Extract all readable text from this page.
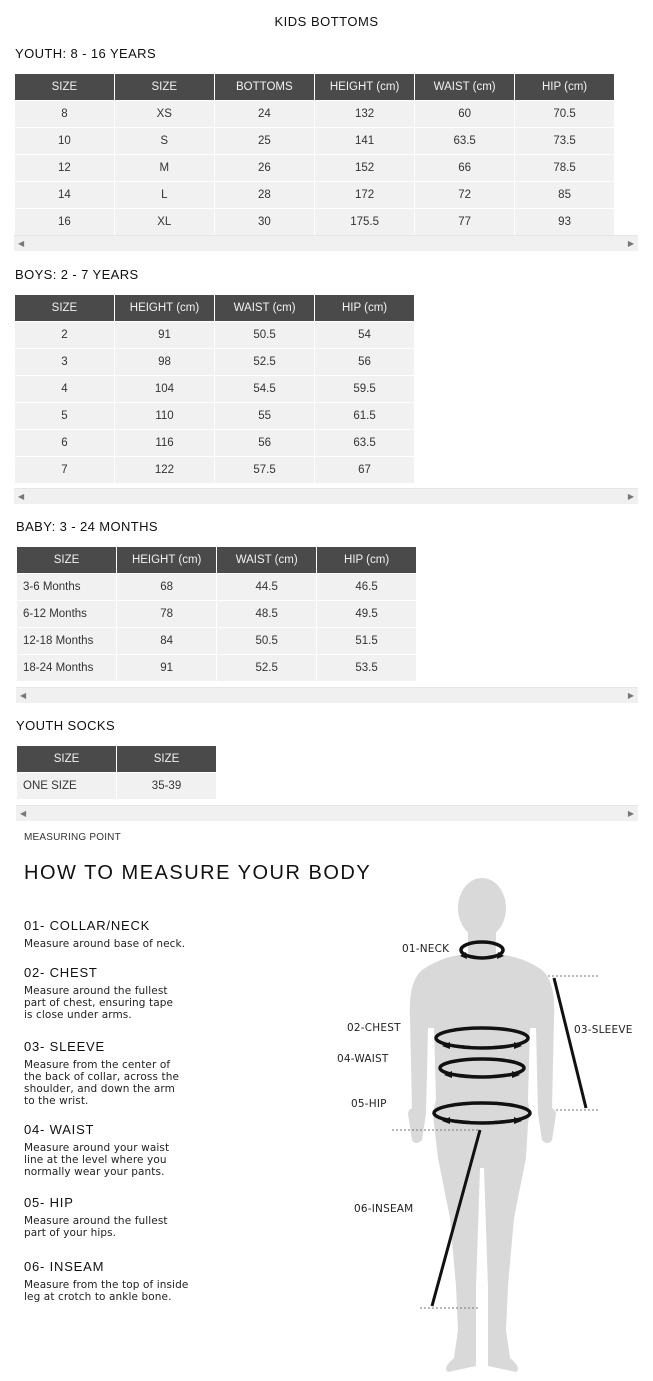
KIDS BOTTOMS
YOUTH: 8 - 16 YEARS
SIZE	SIZE	BOTTOMS	HEIGHT (cm)	WAIST (cm)	HIP (cm)
8	XS	24	132	60	70.5
10	S	25	141	63.5	73.5
12	M	26	152	66	78.5
14	L	28	172	72	85
16	XL	30	175.5	77	93
◀	▶
BOYS: 2 - 7 YEARS
SIZE	HEIGHT (cm)	WAIST (cm)	HIP (cm)
2	91	50.5	54
3	98	52.5	56
4	104	54.5	59.5
5	110	55	61.5
6	116	56	63.5
7	122	57.5	67
◀	▶
BABY: 3 - 24 MONTHS
SIZE	HEIGHT (cm)	WAIST (cm)	HIP (cm)
3-6 Months	68	44.5	46.5
6-12 Months	78	48.5	49.5
12-18 Months	84	50.5	51.5
18-24 Months	91	52.5	53.5
◀	▶
YOUTH SOCKS
SIZE	SIZE
ONE SIZE	35-39
◀	▶
MEASURING POINT
HOW TO MEASURE YOUR BODY
01- COLLAR/NECK
Measure around base of neck.
02- CHEST
Measure around the fullest
part of chest, ensuring tape
is close under arms.
03- SLEEVE
Measure from the center of
the back of collar, across the
shoulder, and down the arm
to the wrist.
04- WAIST
Measure around your waist
line at the level where you
normally wear your pants.
05- HIP
Measure around the fullest
part of your hips.
06- INSEAM
Measure from the top of inside
leg at crotch to ankle bone.
01-NECK
02-CHEST	03-SLEEVE
04-WAIST
05-HIP
06-INSEAM
